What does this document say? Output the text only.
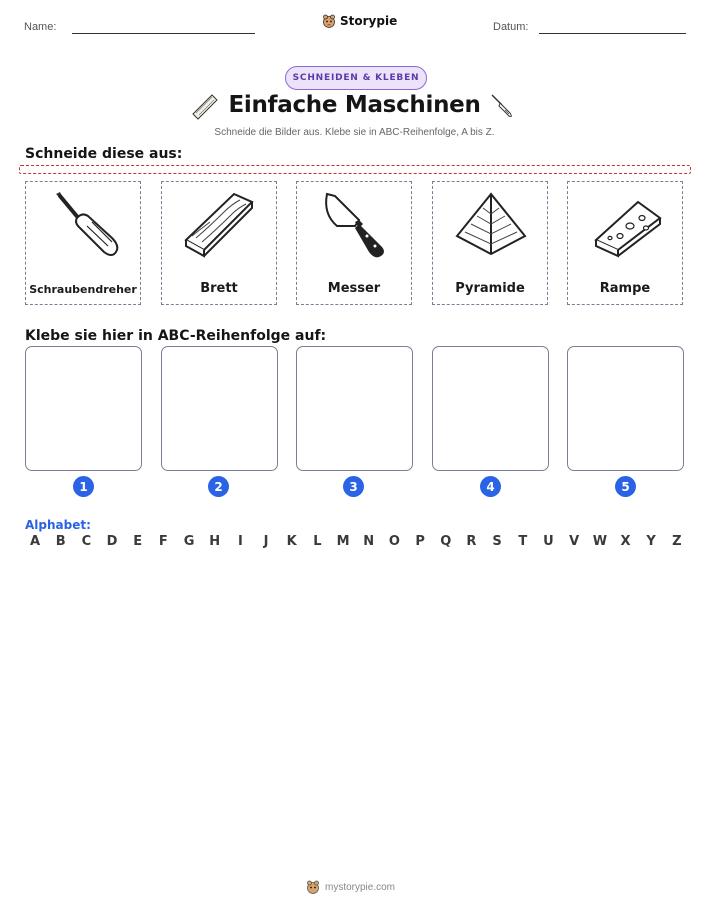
Name:	Storypie	Datum:
SCHNEIDEN & KLEBEN
Einfache Maschinen
Schneide die Bilder aus. Klebe sie in ABC-Reihenfolge, A bis Z.
Schneide diese aus:
Schraubendreher	Brett	Messer	Pyramide	Rampe
Klebe sie hier in ABC-Reihenfolge auf:
1	2	3	4	5
Alphabet:
A B C D E F G H	I	J	K L M N O P Q R S T U V W X Y Z
mystorypie.com
